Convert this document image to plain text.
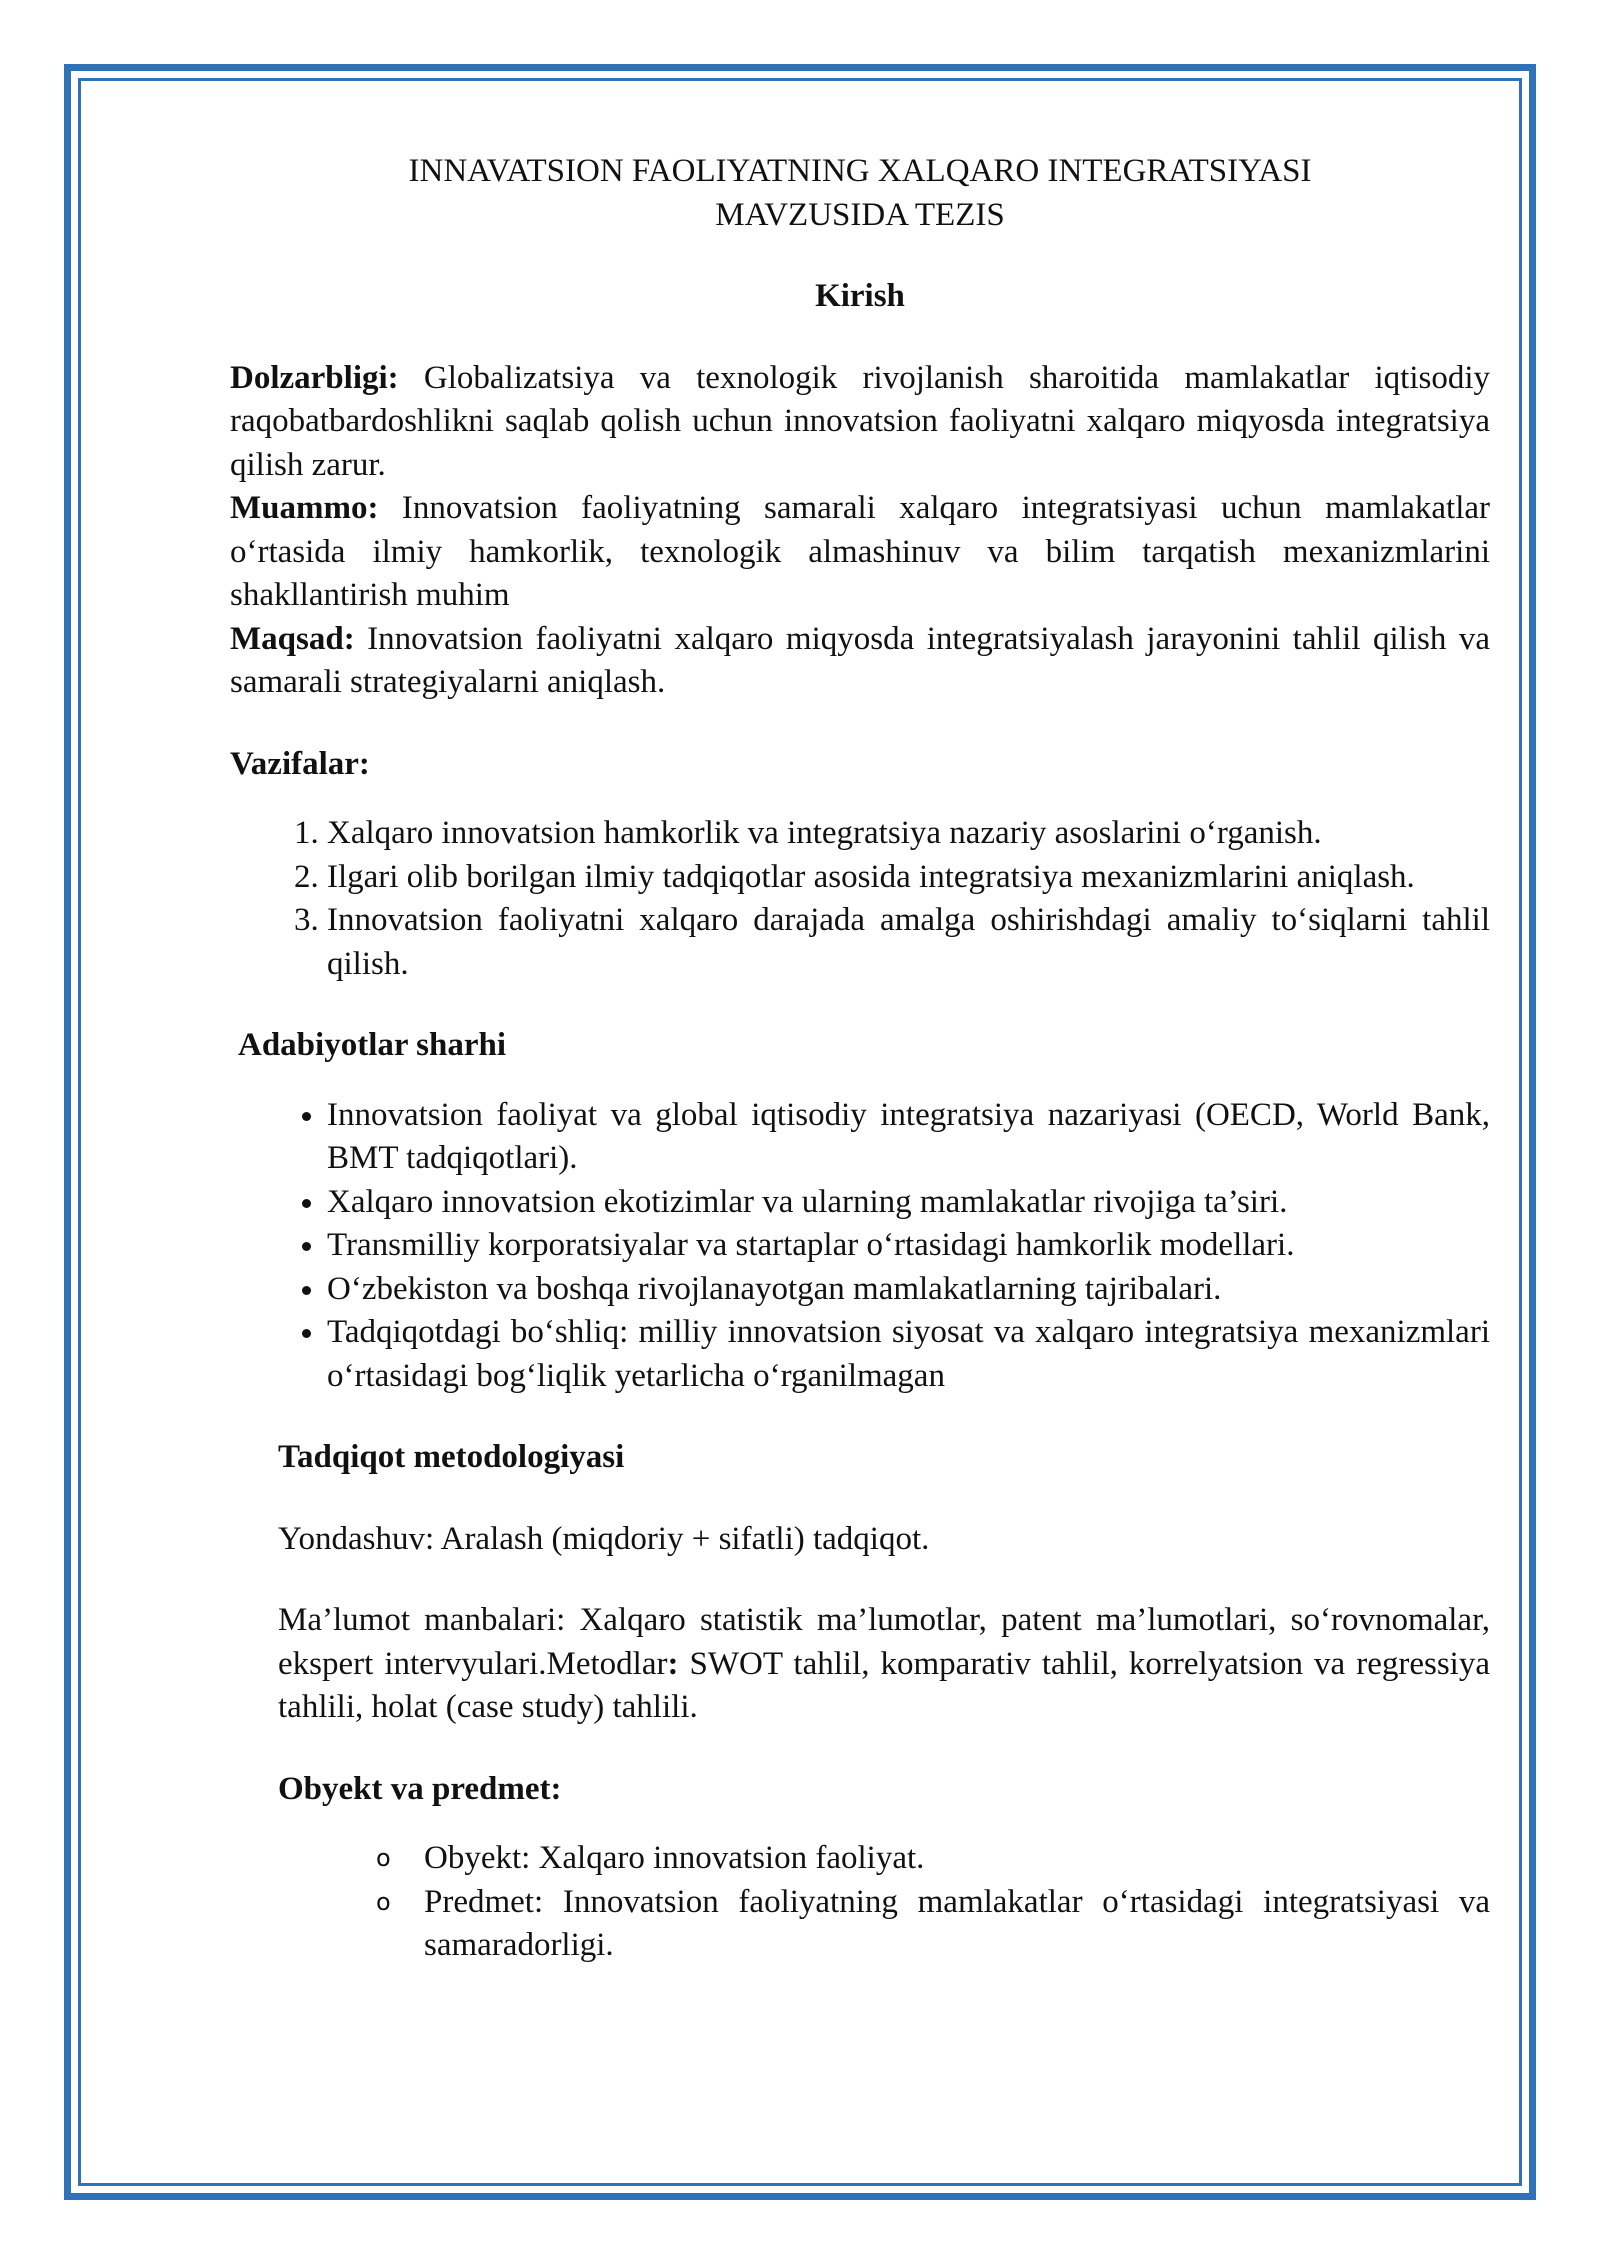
INNAVATSION FAOLIYATNING XALQARO INTEGRATSIYASI
MAVZUSIDA TEZIS
Kirish

Dolzarbligi: Globalizatsiya va texnologik rivojlanish sharoitida mamlakatlar iqtisodiy raqobatbardoshlikni saqlab qolish uchun innovatsion faoliyatni xalqaro miqyosda integratsiya qilish zarur.

Muammo: Innovatsion faoliyatning samarali xalqaro integratsiyasi uchun mamlakatlar o‘rtasida ilmiy hamkorlik, texnologik almashinuv va bilim tarqatish mexanizmlarini shakllantirish muhim

Maqsad: Innovatsion faoliyatni xalqaro miqyosda integratsiyalash jarayonini tahlil qilish va samarali strategiyalarni aniqlash.

Vazifalar:
1. Xalqaro innovatsion hamkorlik va integratsiya nazariy asoslarini o‘rganish.
2. Ilgari olib borilgan ilmiy tadqiqotlar asosida integratsiya mexanizmlarini aniqlash.
3. Innovatsion faoliyatni xalqaro darajada amalga oshirishdagi amaliy to‘siqlarni tahlil qilish.
Adabiyotlar sharhi
• Innovatsion faoliyat va global iqtisodiy integratsiya nazariyasi (OECD, World Bank, BMT tadqiqotlari).
• Xalqaro innovatsion ekotizimlar va ularning mamlakatlar rivojiga ta’siri.
• Transmilliy korporatsiyalar va startaplar o‘rtasidagi hamkorlik modellari.
• O‘zbekiston va boshqa rivojlanayotgan mamlakatlarning tajribalari.
• Tadqiqotdagi bo‘shliq: milliy innovatsion siyosat va xalqaro integratsiya mexanizmlari o‘rtasidagi bog‘liqlik yetarlicha o‘rganilmagan
Tadqiqot metodologiyasi

Yondashuv: Aralash (miqdoriy + sifatli) tadqiqot.

Ma’lumot manbalari: Xalqaro statistik ma’lumotlar, patent ma’lumotlari, so‘rovnomalar, ekspert intervyulari.Metodlar: SWOT tahlil, komparativ tahlil, korrelyatsion va regressiya tahlili, holat (case study) tahlili.

Obyekt va predmet:
o Obyekt: Xalqaro innovatsion faoliyat.
o Predmet: Innovatsion faoliyatning mamlakatlar o‘rtasidagi integratsiyasi va samaradorligi.
